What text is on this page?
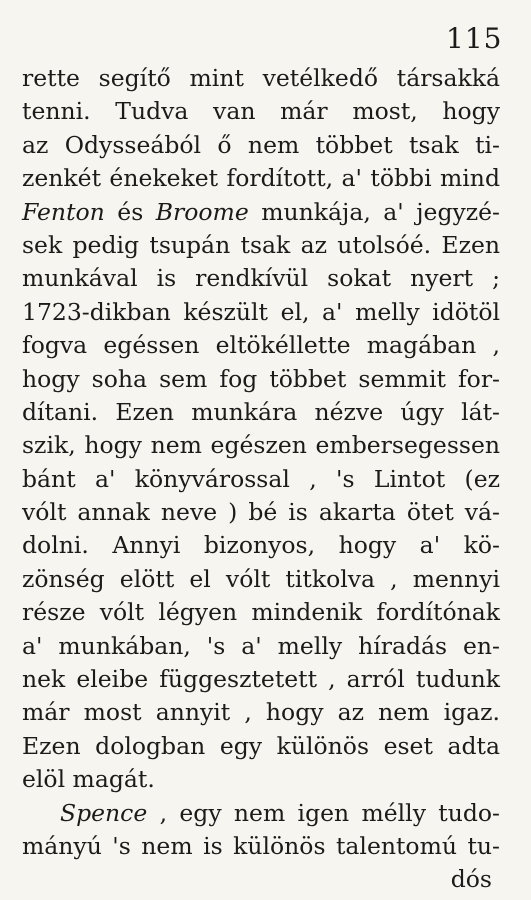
115
rette segítő mint vetélkedő társakká
tenni. Tudva van már most, hogy
az Odysseából ő nem többet tsak ti-
zenkét énekeket fordított, a' többi mind
Fenton és Broome munkája, a' jegyzé-
sek pedig tsupán tsak az utolsóé. Ezen
munkával is rendkívül sokat nyert ;
1723-dikban készült el, a' melly idötöl
fogva egéssen eltökéllette magában ,
hogy soha sem fog többet semmit for-
dítani. Ezen munkára nézve úgy lát-
szik, hogy nem egészen embersegessen
bánt a' könyvárossal , 's Lintot (ez
vólt annak neve ) bé is akarta ötet vá-
dolni. Annyi bizonyos, hogy a' kö-
zönség elött el vólt titkolva , mennyi
része vólt légyen mindenik fordítónak
a' munkában, 's a' melly híradás en-
nek eleibe függesztetett , arról tudunk
már most annyit , hogy az nem igaz.
Ezen dologban egy különös eset adta
elöl magát.
Spence , egy nem igen mélly tudo-
mányú 's nem is különös talentomú tu-
dós
